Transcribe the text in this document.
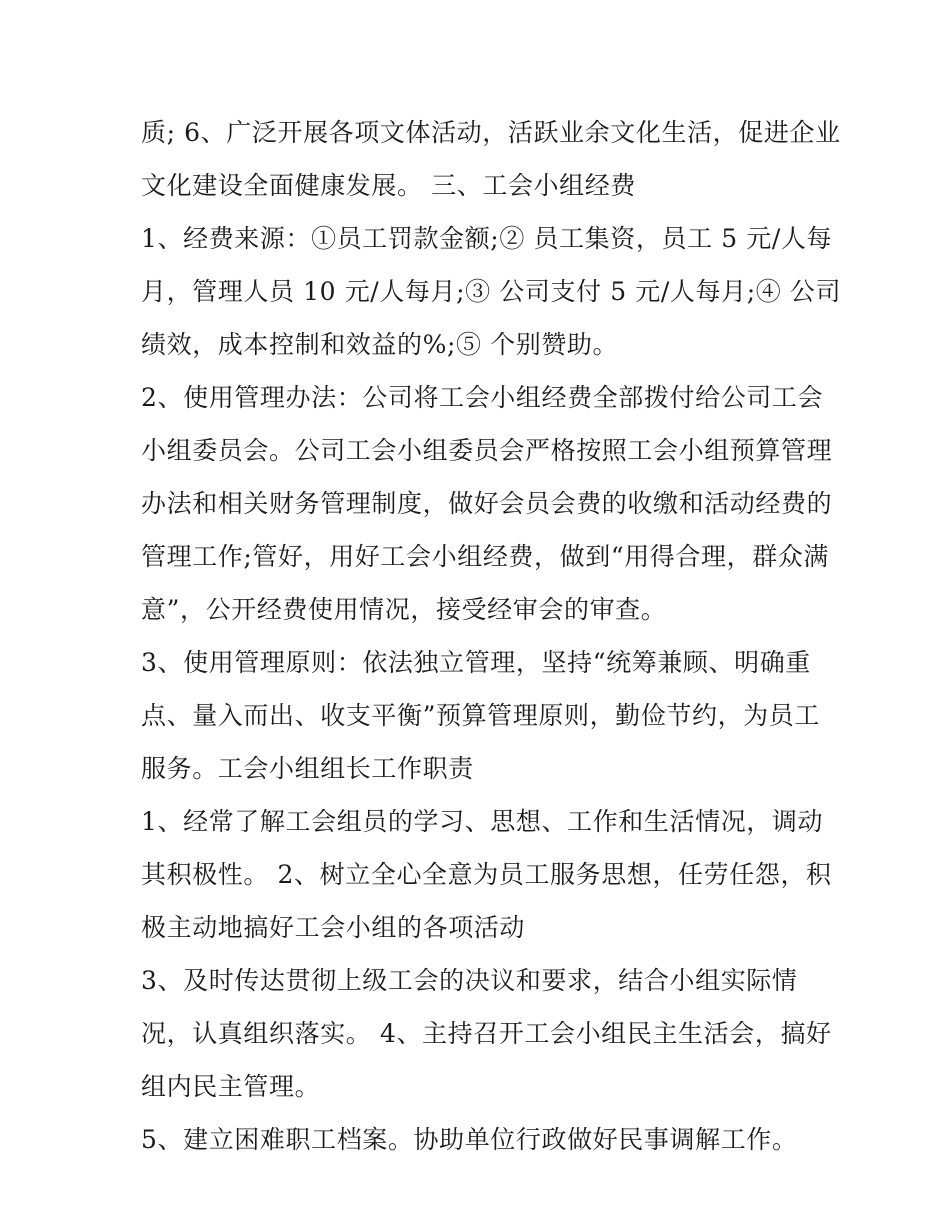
质; 6、广泛开展各项文体活动，活跃业余文化生活，促进企业
文化建设全面健康发展。 三、工会小组经费
1、经费来源：①员工罚款金额;② 员工集资，员工 5 元/人每
月，管理人员 10 元/人每月;③ 公司支付 5 元/人每月;④ 公司
绩效，成本控制和效益的%;⑤ 个别赞助。
2、使用管理办法：公司将工会小组经费全部拨付给公司工会
小组委员会。公司工会小组委员会严格按照工会小组预算管理
办法和相关财务管理制度，做好会员会费的收缴和活动经费的
管理工作;管好，用好工会小组经费，做到“用得合理，群众满
意”，公开经费使用情况，接受经审会的审查。
3、使用管理原则：依法独立管理，坚持“统筹兼顾、明确重
点、量入而出、收支平衡”预算管理原则，勤俭节约，为员工
服务。工会小组组长工作职责
1、经常了解工会组员的学习、思想、工作和生活情况，调动
其积极性。 2、树立全心全意为员工服务思想，任劳任怨，积
极主动地搞好工会小组的各项活动
3、及时传达贯彻上级工会的决议和要求，结合小组实际情
况，认真组织落实。 4、主持召开工会小组民主生活会，搞好
组内民主管理。
5、建立困难职工档案。协助单位行政做好民事调解工作。
